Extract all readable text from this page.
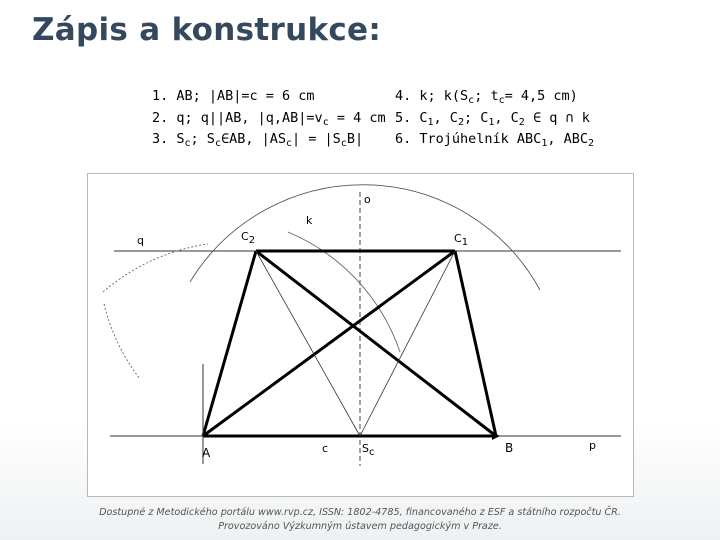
Zápis a konstrukce:
1. AB; |AB|=c = 6 cm
2. q; q||AB, $|q,AB|=v_c = 4$ cm
3. $S_c$; $S_c\in AB$, $|AS_c| = |S_cB|$
4. k; $k(S_c$; $t_c= 4,5$ cm)
5. $C_1$, $C_2$; $C_1$, $C_2$ ∈ q ∩ k
6. Trojúhelník $ABC_1$, $ABC_2$
o
k
q	$C_2$	$C_1$
A	c	$S_c$	B	p
Dostupné z Metodického portálu www.rvp.cz, ISSN: 1802-4785, financovaného z ESF a státního rozpočtu ČR.
Provozováno Výzkumným ústavem pedagogickým v Praze.
